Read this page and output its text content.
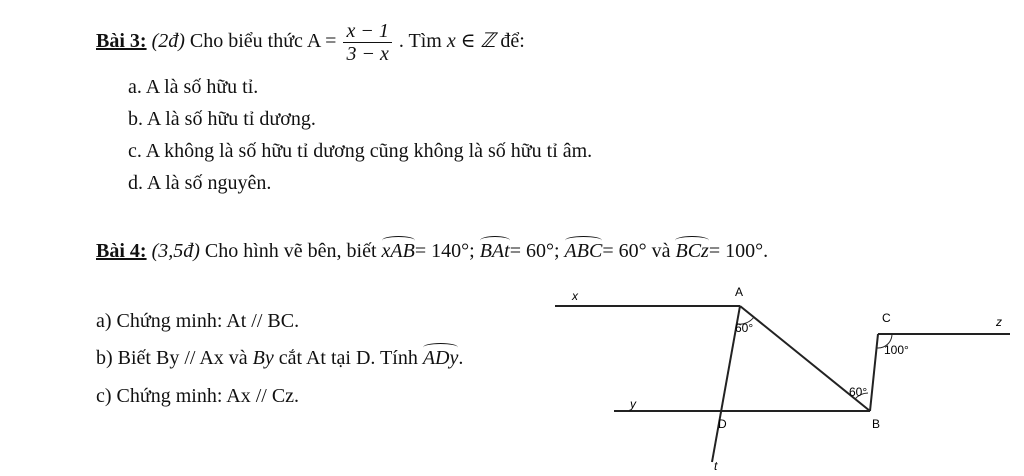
Bài 3: (2đ) Cho biểu thức $A = \frac{x - 1}{3 - x}$ . Tìm x ∈ ℤ để:
a. A là số hữu tỉ.
b. A là số hữu tỉ dương.
c. A không là số hữu tỉ dương cũng không là số hữu tỉ âm.
d. A là số nguyên.
Bài 4: (3,5đ) Cho hình vẽ bên, biết xAB= 140°; BAt= 60°; ABC= 60° và BCz= 100°.
a) Chứng minh: At // BC.
b) Biết By // Ax và By cắt At tại D. Tính ADy.
c) Chứng minh: Ax // Cz.
x	A
C	z
y
D	B
t
60°
100°
60°
